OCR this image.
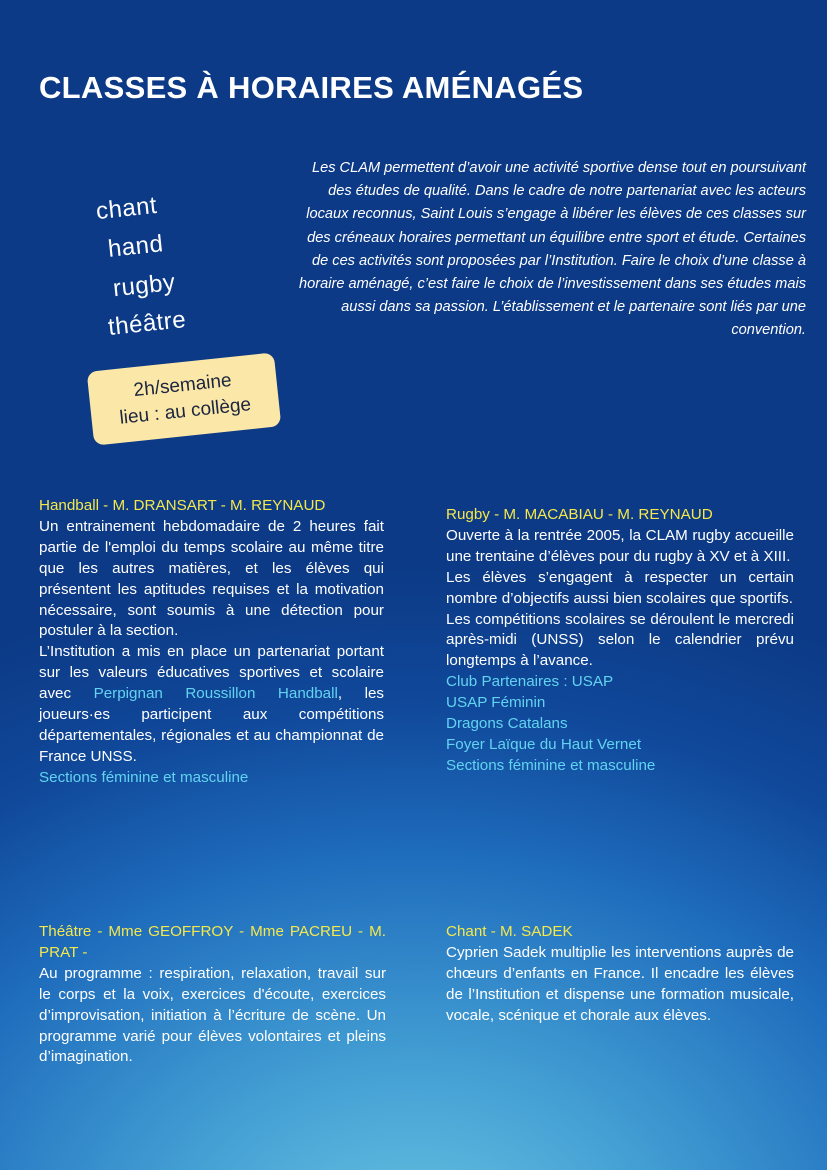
CLASSES À HORAIRES AMÉNAGÉS
chant
hand
rugby
théâtre
2h/semaine
lieu : au collège

Les CLAM permettent d’avoir une activité sportive dense tout en poursuivant des études de qualité. Dans le cadre de notre partenariat avec les acteurs locaux reconnus, Saint Louis s’engage à libérer les élèves de ces classes sur des créneaux horaires permettant un équilibre entre sport et étude. Certaines de ces activités sont proposées par l’Institution. Faire le choix d’une classe à horaire aménagé, c’est faire le choix de l’investissement dans ses études mais aussi dans sa passion. L’établissement et le partenaire sont liés par une convention.

Handball - M. DRANSART - M. REYNAUD

Un entrainement hebdomadaire de 2 heures fait partie de l'emploi du temps scolaire au même titre que les autres matières, et les élèves qui présentent les aptitudes requises et la motivation nécessaire, sont soumis à une détection pour postuler à la section.

L’Institution a mis en place un partenariat portant sur les valeurs éducatives sportives et scolaire avec Perpignan Roussillon Handball, les joueurs·es participent aux compétitions départementales, régionales et au championnat de France UNSS.

Sections féminine et masculine

Rugby - M. MACABIAU - M. REYNAUD

Ouverte à la rentrée 2005, la CLAM rugby accueille une trentaine d’élèves pour du rugby à XV et à XIII.

Les élèves s’engagent à respecter un certain nombre d’objectifs aussi bien scolaires que sportifs.

Les compétitions scolaires se déroulent le mercredi après-midi (UNSS) selon le calendrier prévu longtemps à l’avance.

Club Partenaires : USAP

USAP Féminin

Dragons Catalans

Foyer Laïque du Haut Vernet

Sections féminine et masculine

Théâtre - Mme GEOFFROY - Mme PACREU - M. PRAT -

Au programme : respiration, relaxation, travail sur le corps et la voix, exercices d'écoute, exercices d’improvisation, initiation à l’écriture de scène. Un programme varié pour élèves volontaires et pleins d’imagination.

Chant - M. SADEK

Cyprien Sadek multiplie les interventions auprès de chœurs d’enfants en France. Il encadre les élèves de l’Institution et dispense une formation musicale, vocale, scénique et chorale aux élèves.
